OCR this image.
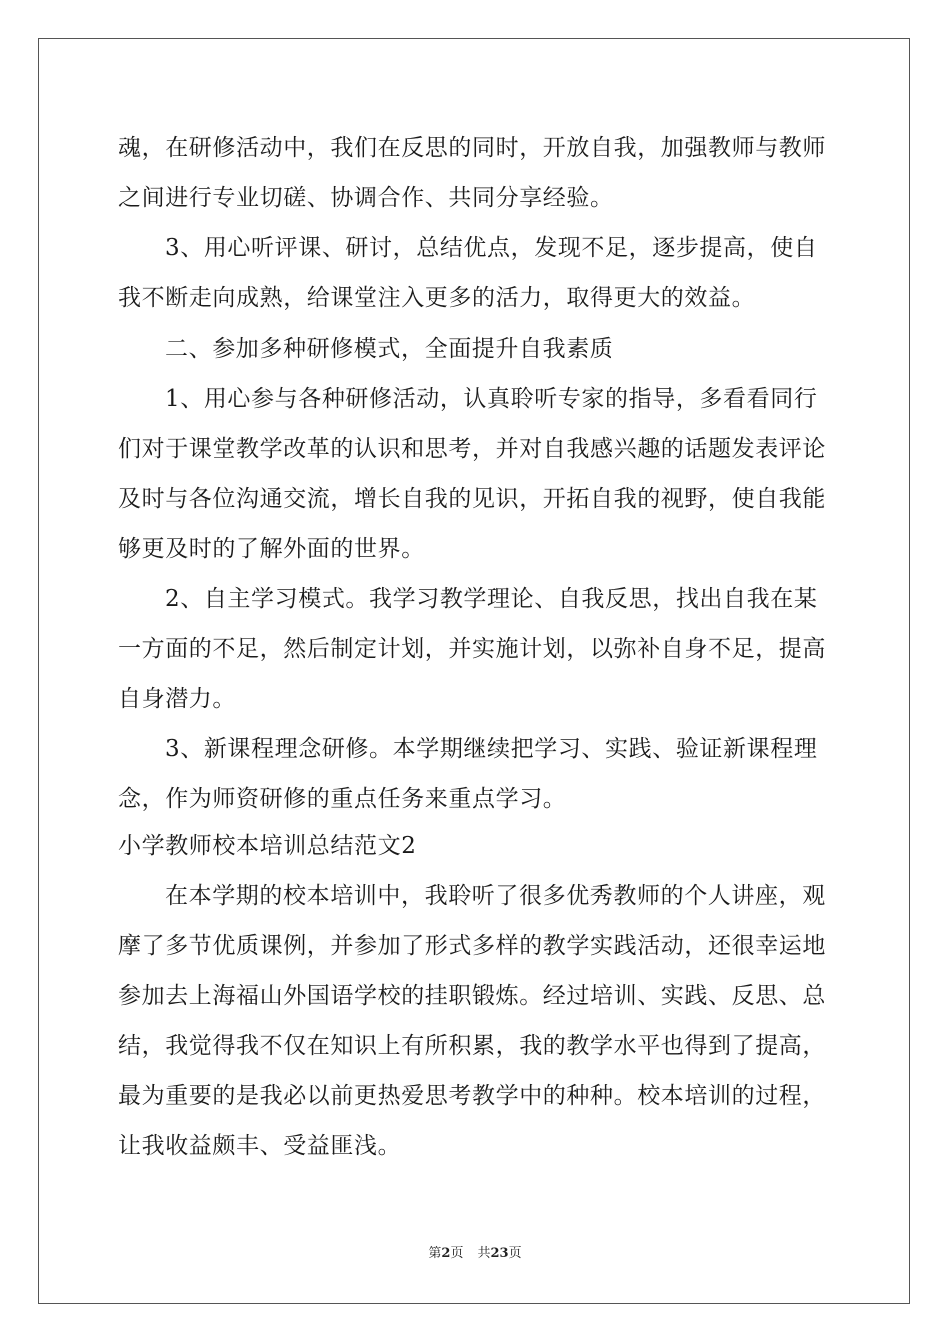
魂，在研修活动中，我们在反思的同时，开放自我，加强教师与教师
之间进行专业切磋、协调合作、共同分享经验。
3、用心听评课、研讨，总结优点，发现不足，逐步提高，使自
我不断走向成熟，给课堂注入更多的活力，取得更大的效益。
二、参加多种研修模式，全面提升自我素质
1、用心参与各种研修活动，认真聆听专家的指导，多看看同行
们对于课堂教学改革的认识和思考，并对自我感兴趣的话题发表评论
及时与各位沟通交流，增长自我的见识，开拓自我的视野，使自我能
够更及时的了解外面的世界。
2、自主学习模式。我学习教学理论、自我反思，找出自我在某
一方面的不足，然后制定计划，并实施计划，以弥补自身不足，提高
自身潜力。
3、新课程理念研修。本学期继续把学习、实践、验证新课程理
念，作为师资研修的重点任务来重点学习。
小学教师校本培训总结范文2
在本学期的校本培训中，我聆听了很多优秀教师的个人讲座，观
摩了多节优质课例，并参加了形式多样的教学实践活动，还很幸运地
参加去上海福山外国语学校的挂职锻炼。经过培训、实践、反思、总
结，我觉得我不仅在知识上有所积累，我的教学水平也得到了提高，
最为重要的是我必以前更热爱思考教学中的种种。校本培训的过程，
让我收益颇丰、受益匪浅。
第2页 共23页
